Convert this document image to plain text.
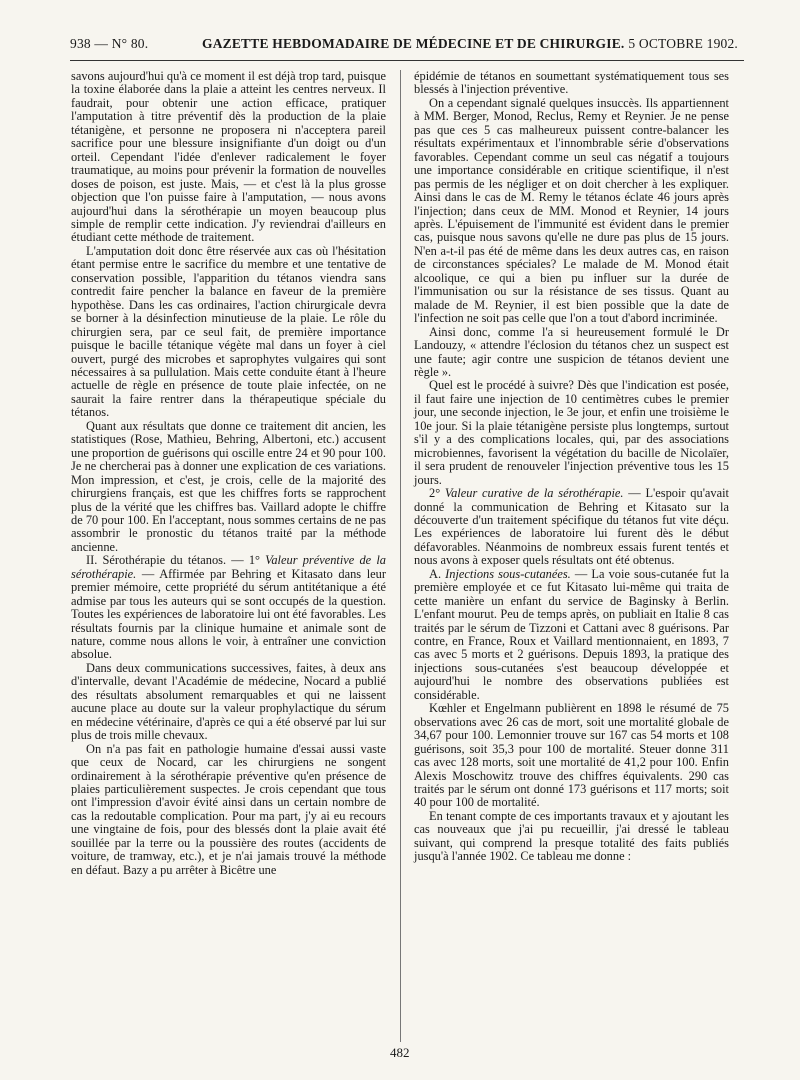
938 — N° 80.	GAZETTE HEBDOMADAIRE DE MÉDECINE ET DE CHIRURGIE. 5 OCTOBRE 1902.

savons aujourd'hui qu'à ce moment il est déjà trop tard, puisque la toxine élaborée dans la plaie a atteint les centres nerveux. Il faudrait, pour obtenir une action efficace, pratiquer l'amputation à titre préventif dès la production de la plaie tétanigène, et personne ne proposera ni n'acceptera pareil sacrifice pour une blessure insignifiante d'un doigt ou d'un orteil. Cependant l'idée d'enlever radicalement le foyer traumatique, au moins pour prévenir la formation de nouvelles doses de poison, est juste. Mais, — et c'est là la plus grosse objection que l'on puisse faire à l'amputation, — nous avons aujourd'hui dans la sérothérapie un moyen beaucoup plus simple de remplir cette indication. J'y reviendrai d'ailleurs en étudiant cette méthode de traitement.

L'amputation doit donc être réservée aux cas où l'hésitation étant permise entre le sacrifice du membre et une tentative de conservation possible, l'apparition du tétanos viendra sans contredit faire pencher la balance en faveur de la première hypothèse. Dans les cas ordinaires, l'action chirurgicale devra se borner à la désinfection minutieuse de la plaie. Le rôle du chirurgien sera, par ce seul fait, de première importance puisque le bacille tétanique végète mal dans un foyer à ciel ouvert, purgé des microbes et saprophytes vulgaires qui sont nécessaires à sa pullulation. Mais cette conduite étant à l'heure actuelle de règle en présence de toute plaie infectée, on ne saurait la faire rentrer dans la thérapeutique spéciale du tétanos.

Quant aux résultats que donne ce traitement dit ancien, les statistiques (Rose, Mathieu, Behring, Albertoni, etc.) accusent une proportion de guérisons qui oscille entre 24 et 90 pour 100. Je ne chercherai pas à donner une explication de ces variations. Mon impression, et c'est, je crois, celle de la majorité des chirurgiens français, est que les chiffres forts se rapprochent plus de la vérité que les chiffres bas. Vaillard adopte le chiffre de 70 pour 100. En l'acceptant, nous sommes certains de ne pas assombrir le pronostic du tétanos traité par la méthode ancienne.

II. Sérothérapie du tétanos. — 1° Valeur préventive de la sérothérapie. — Affirmée par Behring et Kitasato dans leur premier mémoire, cette propriété du sérum antitétanique a été admise par tous les auteurs qui se sont occupés de la question. Toutes les expériences de laboratoire lui ont été favorables. Les résultats fournis par la clinique humaine et animale sont de nature, comme nous allons le voir, à entraîner une conviction absolue.

Dans deux communications successives, faites, à deux ans d'intervalle, devant l'Académie de médecine, Nocard a publié des résultats absolument remarquables et qui ne laissent aucune place au doute sur la valeur prophylactique du sérum en médecine vétérinaire, d'après ce qui a été observé par lui sur plus de trois mille chevaux.

On n'a pas fait en pathologie humaine d'essai aussi vaste que ceux de Nocard, car les chirurgiens ne songent ordinairement à la sérothérapie préventive qu'en présence de plaies particulièrement suspectes. Je crois cependant que tous ont l'impression d'avoir évité ainsi dans un certain nombre de cas la redoutable complication. Pour ma part, j'y ai eu recours une vingtaine de fois, pour des blessés dont la plaie avait été souillée par la terre ou la poussière des routes (accidents de voiture, de tramway, etc.), et je n'ai jamais trouvé la méthode en défaut. Bazy a pu arrêter à Bicêtre une

épidémie de tétanos en soumettant systématiquement tous ses blessés à l'injection préventive.

On a cependant signalé quelques insuccès. Ils appartiennent à MM. Berger, Monod, Reclus, Remy et Reynier. Je ne pense pas que ces 5 cas malheureux puissent contre-balancer les résultats expérimentaux et l'innombrable série d'observations favorables. Cependant comme un seul cas négatif a toujours une importance considérable en critique scientifique, il n'est pas permis de les négliger et on doit chercher à les expliquer. Ainsi dans le cas de M. Remy le tétanos éclate 46 jours après l'injection; dans ceux de MM. Monod et Reynier, 14 jours après. L'épuisement de l'immunité est évident dans le premier cas, puisque nous savons qu'elle ne dure pas plus de 15 jours. N'en a-t-il pas été de même dans les deux autres cas, en raison de circonstances spéciales? Le malade de M. Monod était alcoolique, ce qui a bien pu influer sur la durée de l'immunisation ou sur la résistance de ses tissus. Quant au malade de M. Reynier, il est bien possible que la date de l'infection ne soit pas celle que l'on a tout d'abord incriminée.

Ainsi donc, comme l'a si heureusement formulé le Dr Landouzy, « attendre l'éclosion du tétanos chez un suspect est une faute; agir contre une suspicion de tétanos devient une règle ».

Quel est le procédé à suivre? Dès que l'indication est posée, il faut faire une injection de 10 centimètres cubes le premier jour, une seconde injection, le 3e jour, et enfin une troisième le 10e jour. Si la plaie tétanigène persiste plus longtemps, surtout s'il y a des complications locales, qui, par des associations microbiennes, favorisent la végétation du bacille de Nicolaïer, il sera prudent de renouveler l'injection préventive tous les 15 jours.

2° Valeur curative de la sérothérapie. — L'espoir qu'avait donné la communication de Behring et Kitasato sur la découverte d'un traitement spécifique du tétanos fut vite déçu. Les expériences de laboratoire lui furent dès le début défavorables. Néanmoins de nombreux essais furent tentés et nous avons à exposer quels résultats ont été obtenus.

A. Injections sous-cutanées. — La voie sous-cutanée fut la première employée et ce fut Kitasato lui-même qui traita de cette manière un enfant du service de Baginsky à Berlin. L'enfant mourut. Peu de temps après, on publiait en Italie 8 cas traités par le sérum de Tizzoni et Cattani avec 8 guérisons. Par contre, en France, Roux et Vaillard mentionnaient, en 1893, 7 cas avec 5 morts et 2 guérisons. Depuis 1893, la pratique des injections sous-cutanées s'est beaucoup développée et aujourd'hui le nombre des observations publiées est considérable.

Kœhler et Engelmann publièrent en 1898 le résumé de 75 observations avec 26 cas de mort, soit une mortalité globale de 34,67 pour 100. Lemonnier trouve sur 167 cas 54 morts et 108 guérisons, soit 35,3 pour 100 de mortalité. Steuer donne 311 cas avec 128 morts, soit une mortalité de 41,2 pour 100. Enfin Alexis Moschowitz trouve des chiffres équivalents. 290 cas traités par le sérum ont donné 173 guérisons et 117 morts; soit 40 pour 100 de mortalité.

En tenant compte de ces importants travaux et y ajoutant les cas nouveaux que j'ai pu recueillir, j'ai dressé le tableau suivant, qui comprend la presque totalité des faits publiés jusqu'à l'année 1902. Ce tableau me donne :

482
